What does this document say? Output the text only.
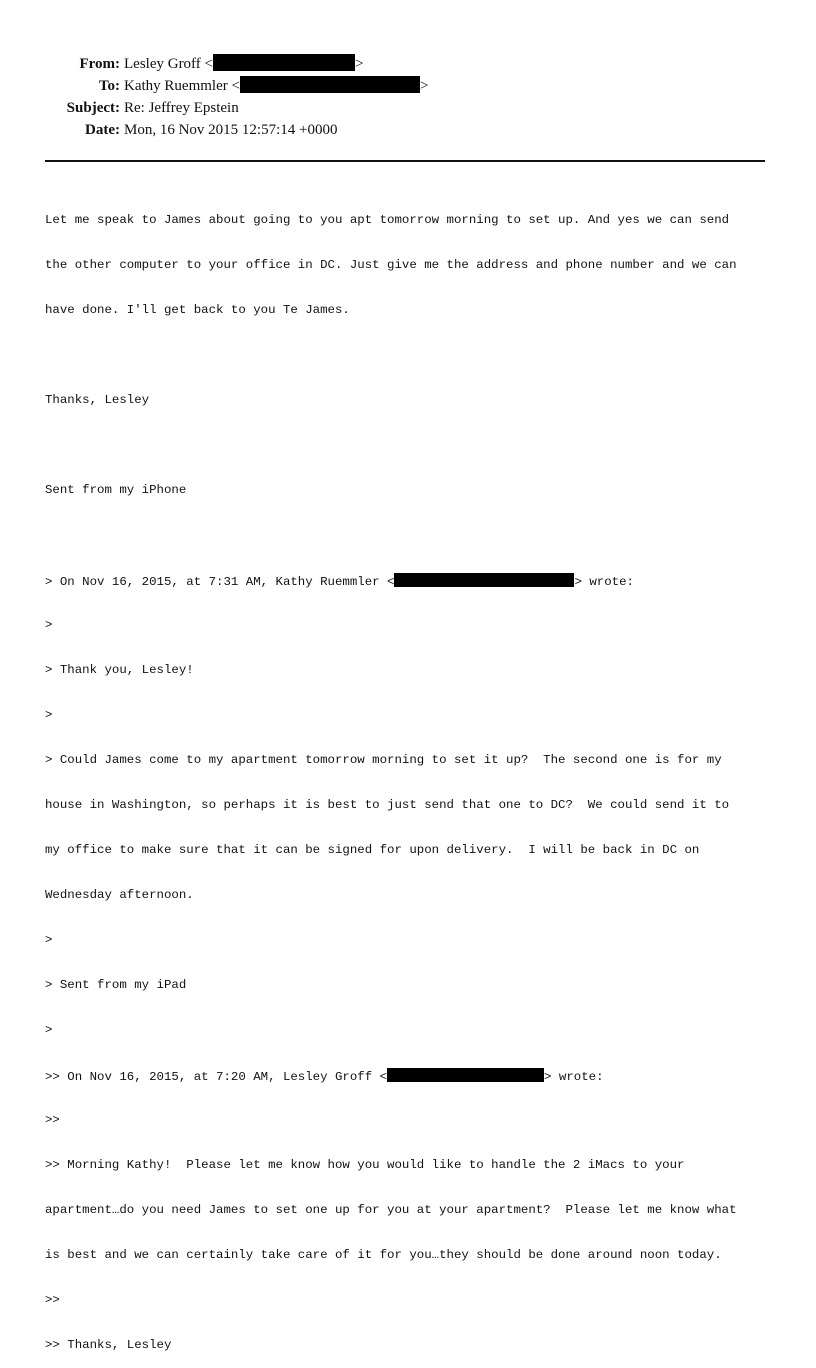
From: Lesley Groff <	>
To: Kathy Ruemmler <	>
Subject: Re: Jeffrey Epstein
Date: Mon, 16 Nov 2015 12:57:14 +0000

Let me speak to James about going to you apt tomorrow morning to set up. And yes we can send

the other computer to your office in DC. Just give me the address and phone number and we can

have done. I'll get back to you Te James.

Thanks, Lesley

Sent from my iPhone

> On Nov 16, 2015, at 7:31 AM, Kathy Ruemmler <	> wrote:

>

> Thank you, Lesley!

>

> Could James come to my apartment tomorrow morning to set it up?  The second one is for my

house in Washington, so perhaps it is best to just send that one to DC?  We could send it to

my office to make sure that it can be signed for upon delivery.  I will be back in DC on

Wednesday afternoon.

>

> Sent from my iPad

>

>> On Nov 16, 2015, at 7:20 AM, Lesley Groff <	> wrote:

>>

>> Morning Kathy!  Please let me know how you would like to handle the 2 iMacs to your

apartment…do you need James to set one up for you at your apartment?  Please let me know what

is best and we can certainly take care of it for you…they should be done around noon today.

>>

>> Thanks, Lesley
